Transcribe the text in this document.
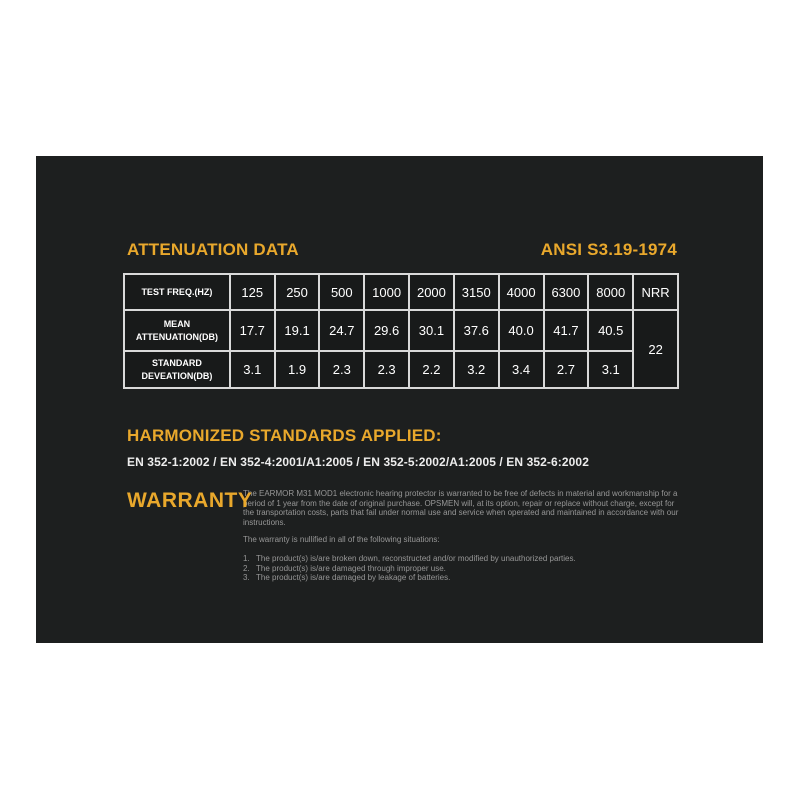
ATTENUATION DATA	ANSI S3.19-1974
TEST FREQ.(HZ)	125	250	500	1000	2000	3150	4000	6300	8000	NRR
MEAN ATTENUATION(DB)	17.7	19.1	24.7	29.6	30.1	37.6	40.0	41.7	40.5	22
STANDARD DEVEATION(DB)	3.1	1.9	2.3	2.3	2.2	3.2	3.4	2.7	3.1	
HARMONIZED STANDARDS APPLIED:
EN 352-1:2002 / EN 352-4:2001/A1:2005 / EN 352-5:2002/A1:2005 / EN 352-6:2002
WARRANTY

The EARMOR M31 MOD1 electronic hearing protector is warranted to be free of defects in material and workmanship for a period of 1 year from the date of original purchase. OPSMEN will, at its option, repair or replace without charge, except for the transportation costs, parts that fail under normal use and service when operated and maintained in accordance with our instructions.

The warranty is nullified in all of the following situations:

1. The product(s) is/are broken down, reconstructed and/or modified by unauthorized parties.
2. The product(s) is/are damaged through improper use.
3. The product(s) is/are damaged by leakage of batteries.
